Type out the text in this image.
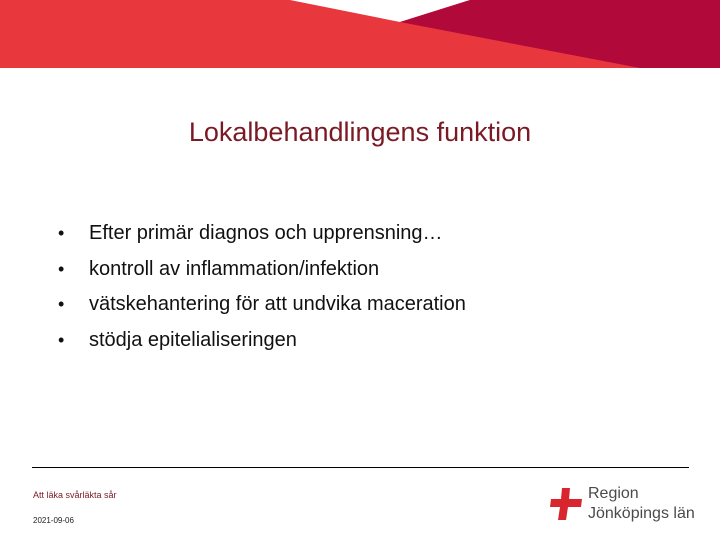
Lokalbehandlingens funktion
•	Efter primär diagnos och upprensning…
•	kontroll av inflammation/infektion
•	vätskehantering för att undvika maceration
•	stödja epitelialiseringen
Att läka svårläkta sår
2021-09-06
Region
Jönköpings län
